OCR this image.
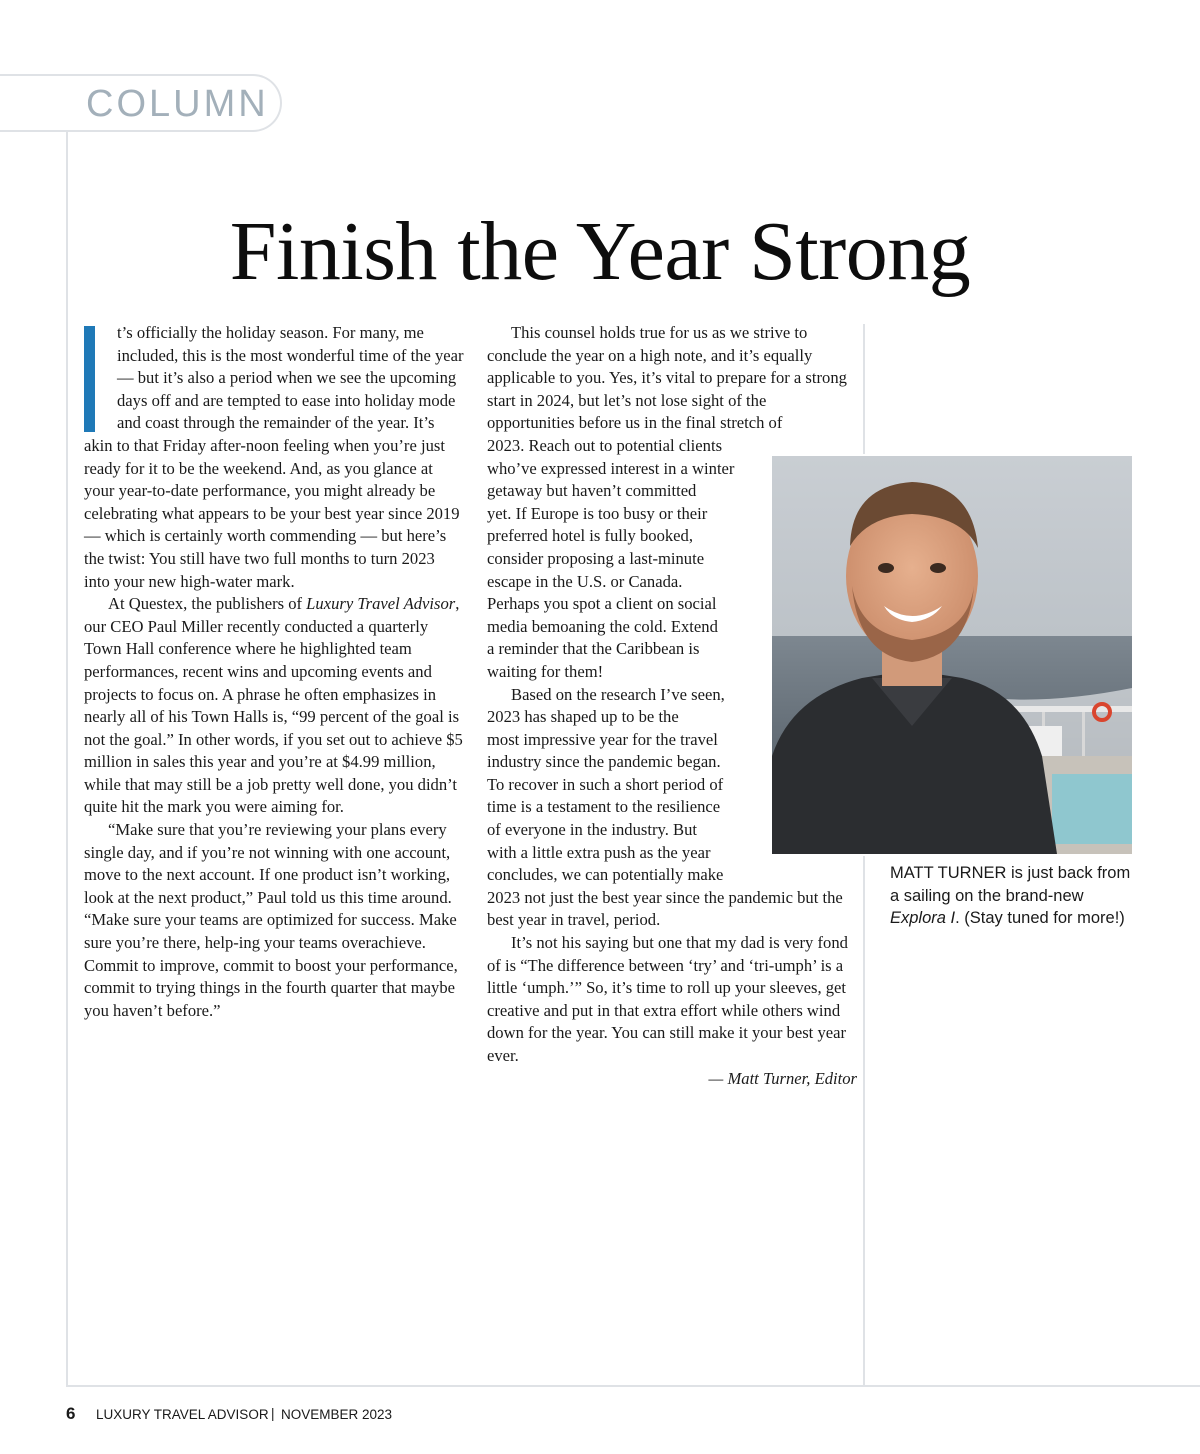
COLUMN
Finish the Year Strong

t’s officially the holiday season. For many, me included, this is the most wonderful time of the year — but it’s also a period when we see the upcoming days off and are tempted to ease into holiday mode and coast through the remainder of the year. It’s akin to that Friday after-noon feeling when you’re just ready for it to be the weekend. And, as you glance at your year-to-date performance, you might already be celebrating what appears to be your best year since 2019 — which is certainly worth commending — but here’s the twist: You still have two full months to turn 2023 into your new high-water mark.

At Questex, the publishers of Luxury Travel Advisor, our CEO Paul Miller recently conducted a quarterly Town Hall conference where he highlighted team performances, recent wins and upcoming events and projects to focus on. A phrase he often emphasizes in nearly all of his Town Halls is, “99 percent of the goal is not the goal.” In other words, if you set out to achieve $5 million in sales this year and you’re at $4.99 million, while that may still be a job pretty well done, you didn’t quite hit the mark you were aiming for.

“Make sure that you’re reviewing your plans every single day, and if you’re not winning with one account, move to the next account. If one product isn’t working, look at the next product,” Paul told us this time around. “Make sure your teams are optimized for success. Make sure you’re there, help-ing your teams overachieve. Commit to improve, commit to boost your performance, commit to trying things in the fourth quarter that maybe you haven’t before.”

This counsel holds true for us as we strive to conclude the year on a high note, and it’s equally applicable to you. Yes, it’s vital to prepare for a strong start in 2024, but let’s not lose sight of the opportunities before us in the final stretch of

2023. Reach out to potential clients
who’ve expressed interest in a winter
getaway but haven’t committed
yet. If Europe is too busy or their
preferred hotel is fully booked,
consider proposing a last-minute
escape in the U.S. or Canada.
Perhaps you spot a client on social
media bemoaning the cold. Extend
a reminder that the Caribbean is
waiting for them!
Based on the research I’ve seen,
2023 has shaped up to be the
most impressive year for the travel
industry since the pandemic began.
To recover in such a short period of
time is a testament to the resilience
of everyone in the industry. But
with a little extra push as the year
concludes, we can potentially make

2023 not just the best year since the pandemic but the best year in travel, period.

It’s not his saying but one that my dad is very fond of is “The difference between ‘try’ and ‘tri-umph’ is a little ‘umph.’” So, it’s time to roll up your sleeves, get creative and put in that extra effort while others wind down for the year. You can still make it your best year ever.

— Matt Turner, Editor

MATT TURNER is just back from a sailing on the brand-new Explora I. (Stay tuned for more!)
6 LUXURY TRAVEL ADVISOR | NOVEMBER 2023
